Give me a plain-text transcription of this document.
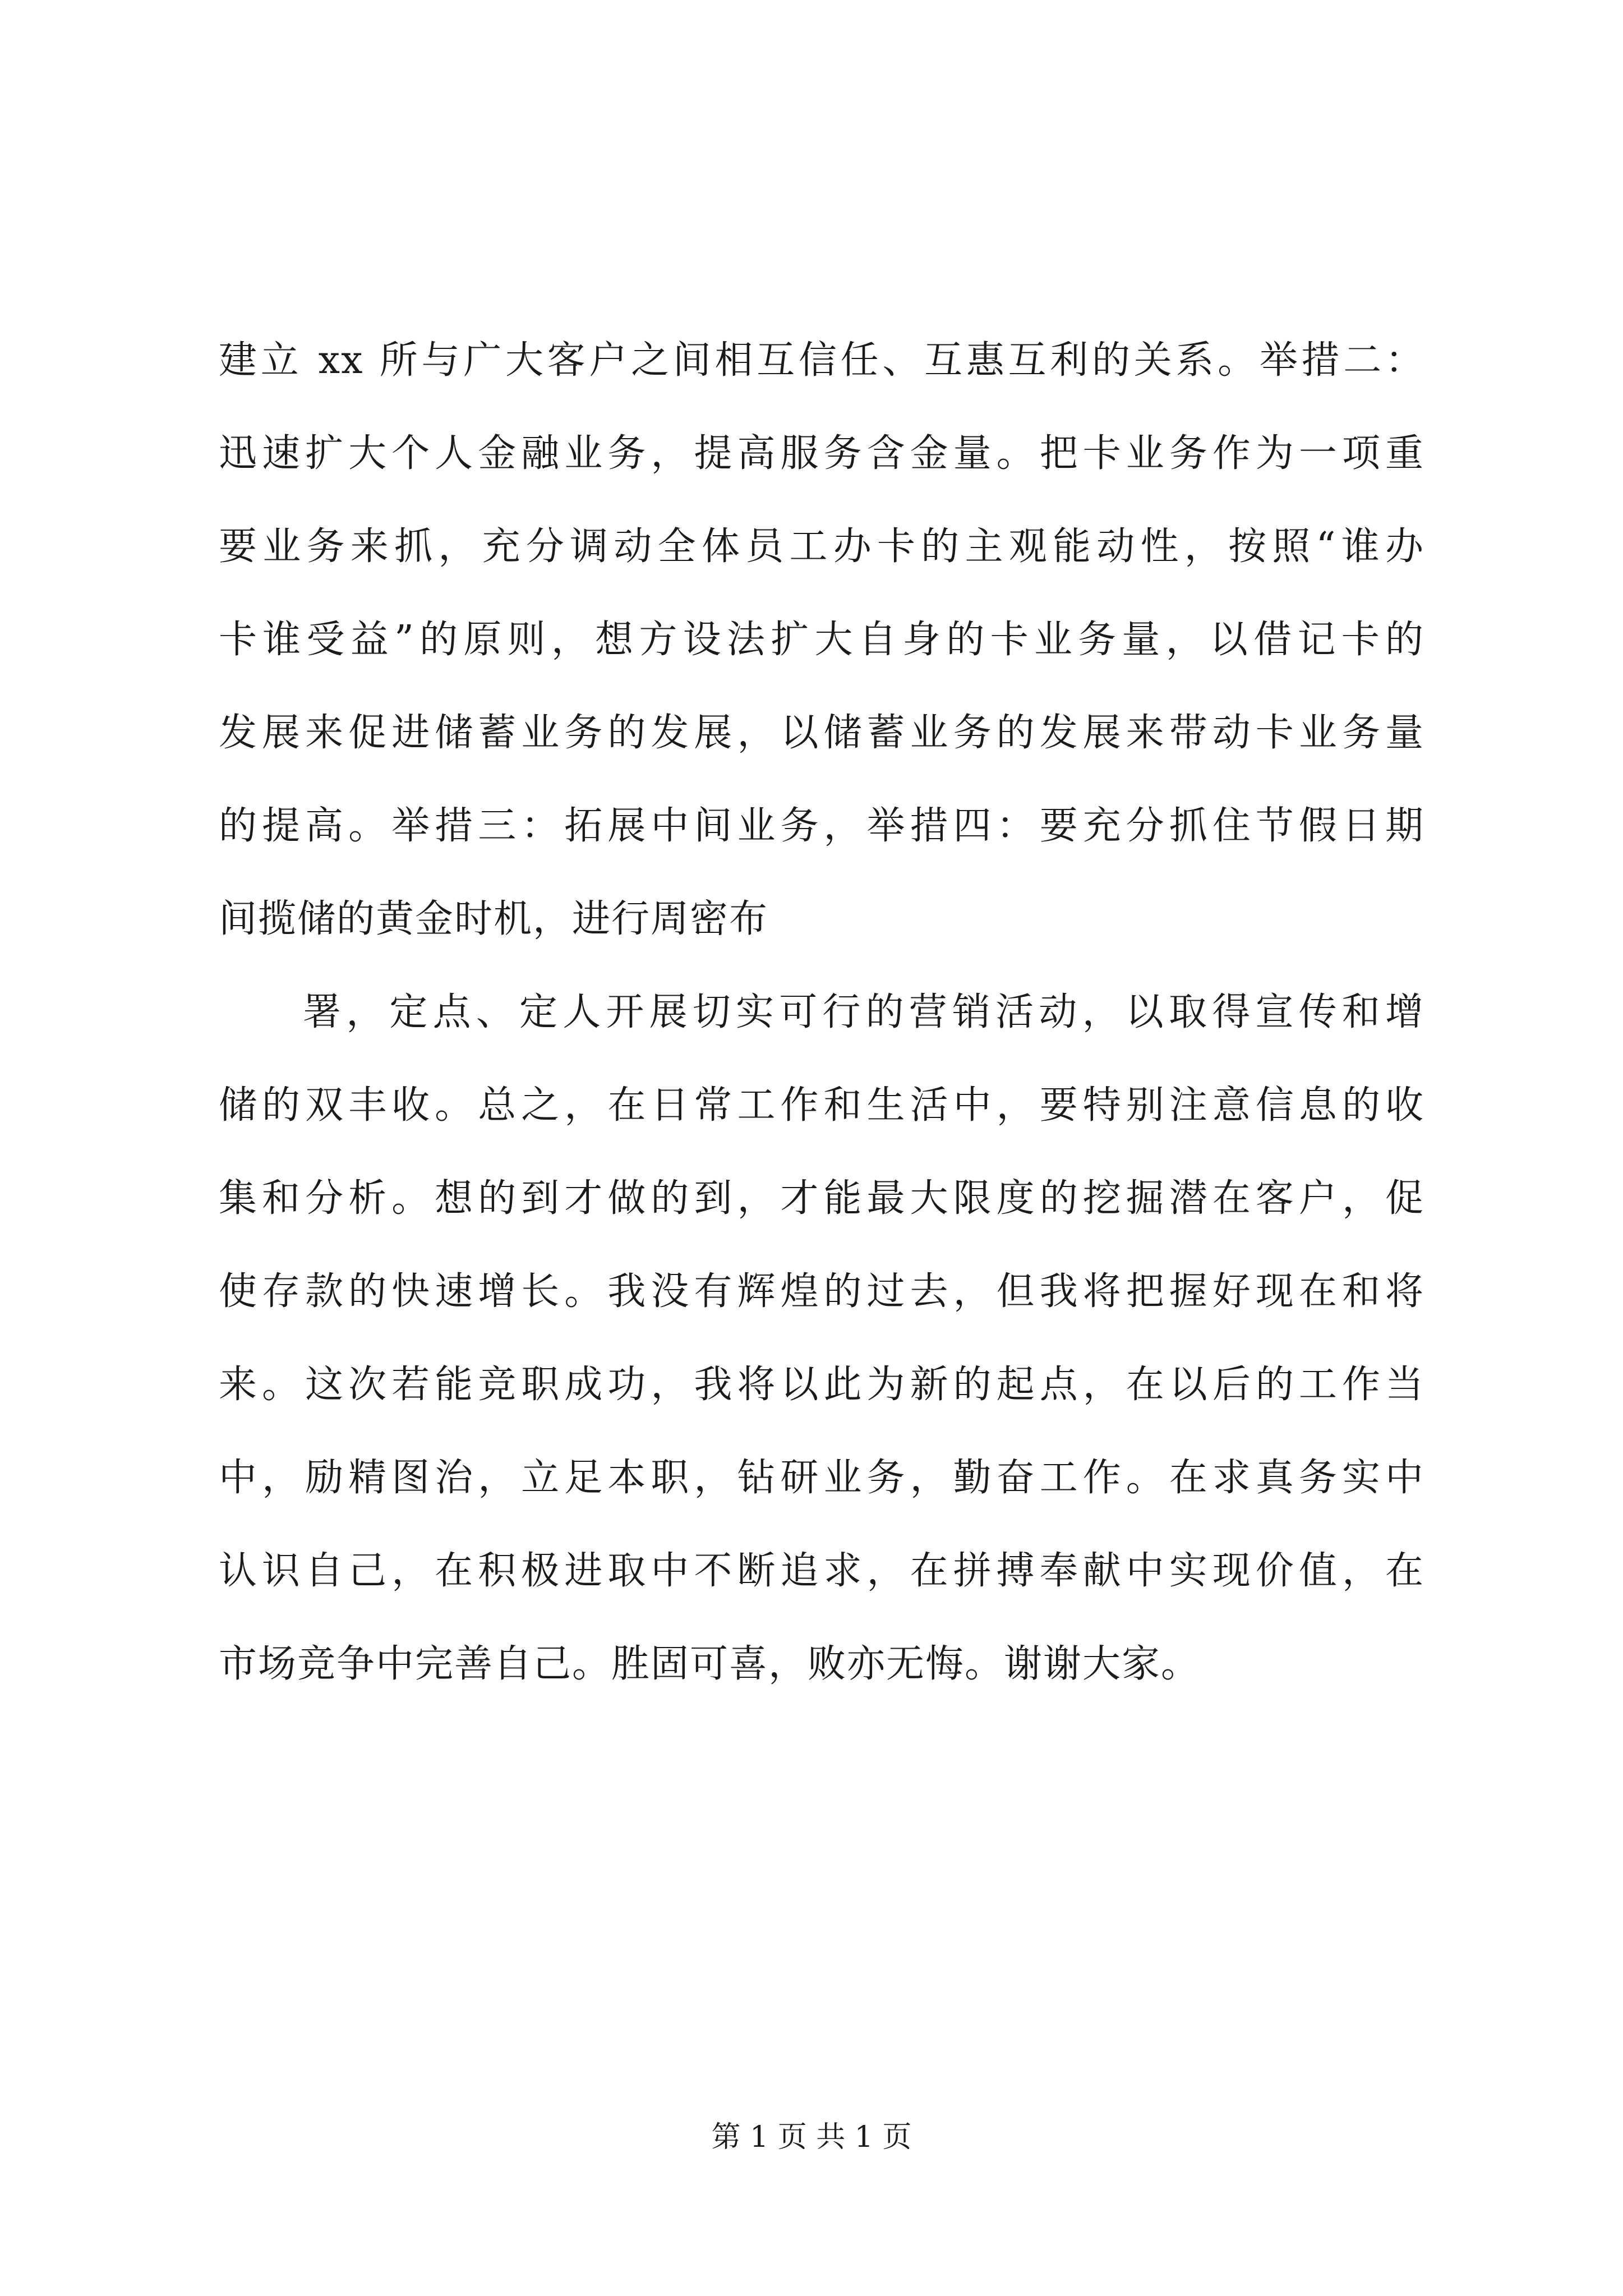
建立 xx 所与广大客户之间相互信任、互惠互利的关系。举措二：
迅速扩大个人金融业务，提高服务含金量。把卡业务作为一项重
要业务来抓，充分调动全体员工办卡的主观能动性，按照“谁办
卡谁受益”的原则，想方设法扩大自身的卡业务量，以借记卡的
发展来促进储蓄业务的发展，以储蓄业务的发展来带动卡业务量
的提高。举措三：拓展中间业务，举措四：要充分抓住节假日期
间揽储的黄金时机，进行周密布
署，定点、定人开展切实可行的营销活动，以取得宣传和增
储的双丰收。总之，在日常工作和生活中，要特别注意信息的收
集和分析。想的到才做的到，才能最大限度的挖掘潜在客户，促
使存款的快速增长。我没有辉煌的过去，但我将把握好现在和将
来。这次若能竞职成功，我将以此为新的起点，在以后的工作当
中，励精图治，立足本职，钻研业务，勤奋工作。在求真务实中
认识自己，在积极进取中不断追求，在拼搏奉献中实现价值，在
市场竞争中完善自己。胜固可喜，败亦无悔。谢谢大家。
第 1 页 共 1 页
